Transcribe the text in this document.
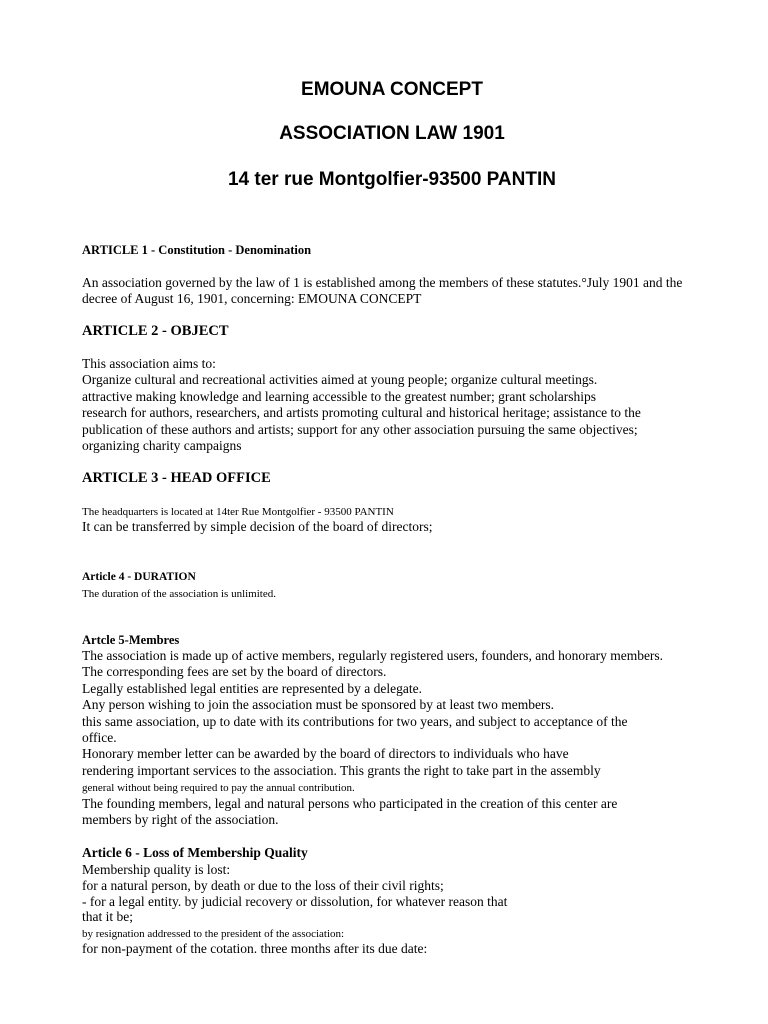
EMOUNA CONCEPT
ASSOCIATION LAW 1901
14 ter rue Montgolfier-93500 PANTIN
ARTICLE 1 - Constitution - Denomination
An association governed by the law of 1 is established among the members of these statutes.°July 1901 and the
decree of August 16, 1901, concerning: EMOUNA CONCEPT
ARTICLE 2 - OBJECT
This association aims to:
Organize cultural and recreational activities aimed at young people; organize cultural meetings.
attractive making knowledge and learning accessible to the greatest number; grant scholarships
research for authors, researchers, and artists promoting cultural and historical heritage; assistance to the
publication of these authors and artists; support for any other association pursuing the same objectives;
organizing charity campaigns
ARTICLE 3 - HEAD OFFICE
The headquarters is located at 14ter Rue Montgolfier - 93500 PANTIN
It can be transferred by simple decision of the board of directors;
Article 4 - DURATION
The duration of the association is unlimited.
Artcle 5-Membres
The association is made up of active members, regularly registered users, founders, and honorary members.
The corresponding fees are set by the board of directors.
Legally established legal entities are represented by a delegate.
Any person wishing to join the association must be sponsored by at least two members.
this same association, up to date with its contributions for two years, and subject to acceptance of the
office.
Honorary member letter can be awarded by the board of directors to individuals who have
rendering important services to the association. This grants the right to take part in the assembly
general without being required to pay the annual contribution.
The founding members, legal and natural persons who participated in the creation of this center are
members by right of the association.
Article 6 - Loss of Membership Quality
Membership quality is lost:
for a natural person, by death or due to the loss of their civil rights;
- for a legal entity. by judicial recovery or dissolution, for whatever reason that
that it be;
by resignation addressed to the president of the association:
for non-payment of the cotation. three months after its due date:
